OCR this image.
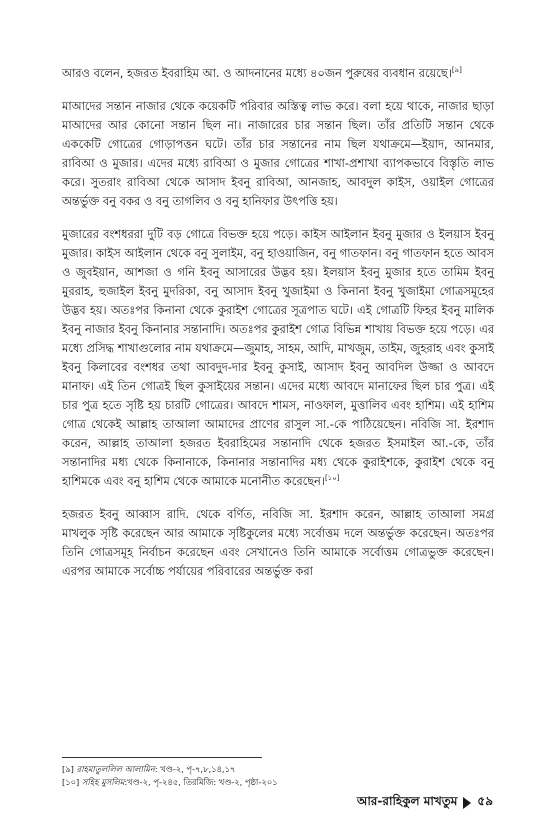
আরও বলেন, হজরত ইবরাহিম আ. ও আদনানের মধ্যে ৪০জন পুরুষের ব্যবধান রয়েছে।[৯]

মাআদের সন্তান নাজার থেকে কয়েকটি পরিবার অস্তিত্ব লাভ করে। বলা হয়ে থাকে, নাজার ছাড়া মাআদের আর কোনো সন্তান ছিল না। নাজারের চার সন্তান ছিল। তাঁর প্রতিটি সন্তান থেকে এককেটি গোত্রের গোড়াপত্তন ঘটে। তাঁর চার সন্তানের নাম ছিল যথাক্রমে—ইয়াদ, আনমার, রাবিআ ও মুজার। এদের মধ্যে রাবিআ ও মুজার গোত্রের শাখা-প্রশাখা ব্যাপকভাবে বিস্তৃতি লাভ করে। সুতরাং রাবিআ থেকে আসাদ ইবনু রাবিআ, আনজাহ, আবদুল কাইস, ওয়াইল গোত্রের অন্তর্ভুক্ত বনু বকর ও বনু তাগলিব ও বনু হানিফার উৎপত্তি হয়।

মুজারের বংশধররা দুটি বড় গোত্রে বিভক্ত হয়ে পড়ে। কাইস আইলান ইবনু মুজার ও ইলয়াস ইবনু মুজার। কাইস আইলান থেকে বনু সুলাইম, বনু হাওয়াজিন, বনু গাতফান। বনু গাতফান হতে আবস ও জুবইয়ান, আশজা ও গনি ইবনু আসারের উদ্ভব হয়। ইলয়াস ইবনু মুজার হতে তামিম ইবনু মুররাহ, হুজাইল ইবনু মুদরিকা, বনু আসাদ ইবনু খুজাইমা ও কিনানা ইবনু খুজাইমা গোত্রসমূহের উদ্ভব হয়। অতঃপর কিনানা থেকে কুরাইশ গোত্রের সূত্রপাত ঘটে। এই গোত্রটি ফিহর ইবনু মালিক ইবনু নাজার ইবনু কিনানার সন্তানাদি। অতঃপর কুরাইশ গোত্র বিভিন্ন শাখায় বিভক্ত হয়ে পড়ে। এর মধ্যে প্রসিদ্ধ শাখাগুলোর নাম যথাক্রমে—জুমাহ, সাহম, আদি, মাখজুম, তাইম, জুহরাহ এবং কুসাই ইবনু কিলাবের বংশধর তথা আবদুদ-দার ইবনু কুসাই, আসাদ ইবনু আবদিল উজ্জা ও আবদে মানাফ। এই তিন গোত্রই ছিল কুসাইয়ের সন্তান। এদের মধ্যে আবদে মানাফের ছিল চার পুত্র। এই চার পুত্র হতে সৃষ্টি হয় চারটি গোত্রের। আবদে শামস, নাওফাল, মুত্তালিব এবং হাশিম। এই হাশিম গোত্র থেকেই আল্লাহ তাআলা আমাদের প্রাণের রাসুল সা.-কে পাঠিয়েছেন। নবিজি সা. ইরশাদ করেন, আল্লাহ তাআলা হজরত ইবরাহিমের সন্তানাদি থেকে হজরত ইসমাইল আ.-কে, তাঁর সন্তানাদির মধ্য থেকে কিনানাকে, কিনানার সন্তানাদির মধ্য থেকে কুরাইশকে, কুরাইশ থেকে বনু হাশিমকে এবং বনু হাশিম থেকে আমাকে মনোনীত করেছেন।[১০]

হজরত ইবনু আব্বাস রাদি. থেকে বর্ণিত, নবিজি সা. ইরশাদ করেন, আল্লাহ তাআলা সমগ্র মাখলুক সৃষ্টি করেছেন আর আমাকে সৃষ্টিকুলের মধ্যে সর্বোত্তম দলে অন্তর্ভুক্ত করেছেন। অতঃপর তিনি গোত্রসমূহ নির্বাচন করেছেন এবং সেখানেও তিনি আমাকে সর্বোত্তম গোত্রভুক্ত করেছেন। এরপর আমাকে সর্বোচ্চ পর্যায়ের পরিবারের অন্তর্ভুক্ত করা

[৯] রাহমাতুললিল আলামিন: খণ্ড-২, পৃ-৭,৮,১৪,১৭
[১০] সহিহ মুসলিম:খণ্ড-২, পৃ-২৪৫, তিরমিজি: খণ্ড-২, পৃষ্ঠা-২০১
আর-রাহিকুল মাখতুম ৫৯
